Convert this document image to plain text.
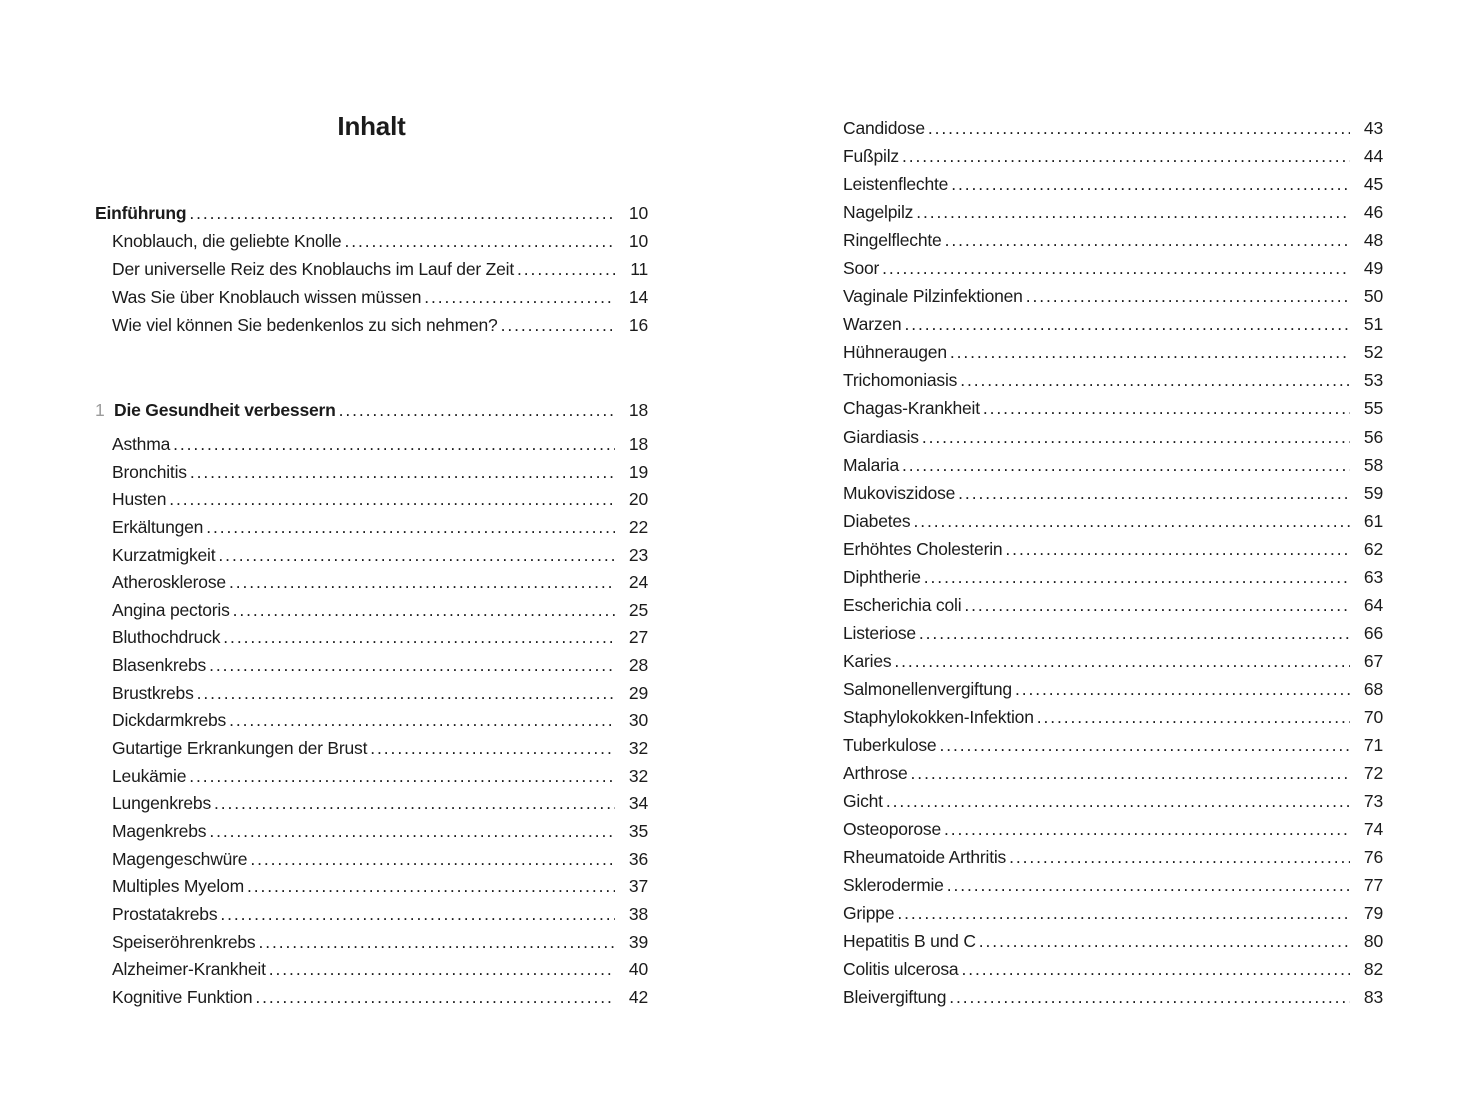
Inhalt
Einführung .....	10
Knoblauch, die geliebte Knolle .....	10
Der universelle Reiz des Knoblauchs im Lauf der Zeit .....	11
Was Sie über Knoblauch wissen müssen .....	14
Wie viel können Sie bedenkenlos zu sich nehmen? .....	16
1 Die Gesundheit verbessern .....	18
Asthma .....	18
Bronchitis .....	19
Husten .....	20
Erkältungen .....	22
Kurzatmigkeit .....	23
Atherosklerose .....	24
Angina pectoris .....	25
Bluthochdruck .....	27
Blasenkrebs .....	28
Brustkrebs .....	29
Dickdarmkrebs .....	30
Gutartige Erkrankungen der Brust .....	32
Leukämie .....	32
Lungenkrebs .....	34
Magenkrebs .....	35
Magengeschwüre .....	36
Multiples Myelom .....	37
Prostatakrebs .....	38
Speiseröhrenkrebs .....	39
Alzheimer-Krankheit .....	40
Kognitive Funktion .....	42
Candidose .....	43
Fußpilz .....	44
Leistenflechte .....	45
Nagelpilz .....	46
Ringelflechte .....	48
Soor .....	49
Vaginale Pilzinfektionen .....	50
Warzen .....	51
Hühneraugen .....	52
Trichomoniasis .....	53
Chagas-Krankheit .....	55
Giardiasis .....	56
Malaria .....	58
Mukoviszidose .....	59
Diabetes .....	61
Erhöhtes Cholesterin .....	62
Diphtherie .....	63
Escherichia coli .....	64
Listeriose .....	66
Karies .....	67
Salmonellenvergiftung .....	68
Staphylokokken-Infektion .....	70
Tuberkulose .....	71
Arthrose .....	72
Gicht .....	73
Osteoporose .....	74
Rheumatoide Arthritis .....	76
Sklerodermie .....	77
Grippe .....	79
Hepatitis B und C .....	80
Colitis ulcerosa .....	82
Bleivergiftung .....	83
